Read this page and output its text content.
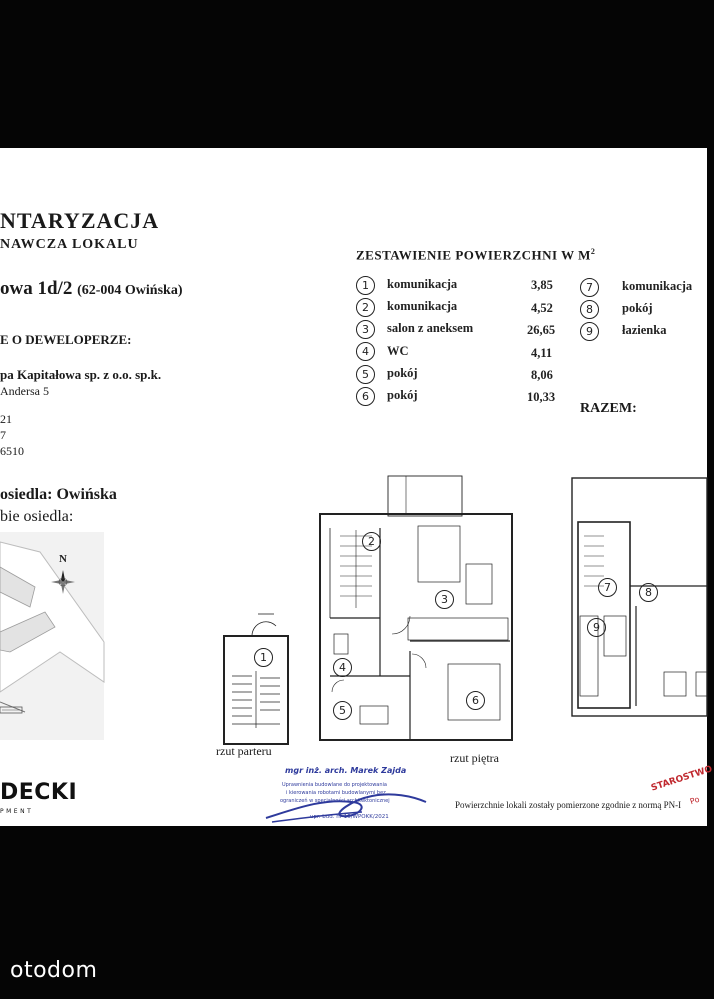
NTARYZACJA
NAWCZA LOKALU
owa 1d/2 (62-004 Owińska)
E O DEWELOPERZE:
pa Kapitałowa sp. z o.o. sp.k.
Andersa 5
21
7
6510
osiedla: Owińska
bie osiedla:
N
DECKI
PMENT
ZESTAWIENIE POWIERZCHNI W $M^2$
1	komunikacja	3,85
2	komunikacja	4,52
3	salon z aneksem	26,65
4	WC	4,11
5	pokój	8,06
6	pokój	10,33
7	komunikacja
8	pokój
9	łazienka
RAZEM:
1
2
3
4
5
6
7	8
9
rzut parteru	rzut piętra
mgr inż. arch. Marek Zajda
Uprawnienia budowlane do projektowania
i kierowania robotami budowlanymi bez
ograniczeń w specjalności architektonicznej
upr. bud. nr 15/WPOKK/2021
STAROSTWO
Po
Powierzchnie lokali zostały pomierzone zgodnie z normą PN-I
otodom
